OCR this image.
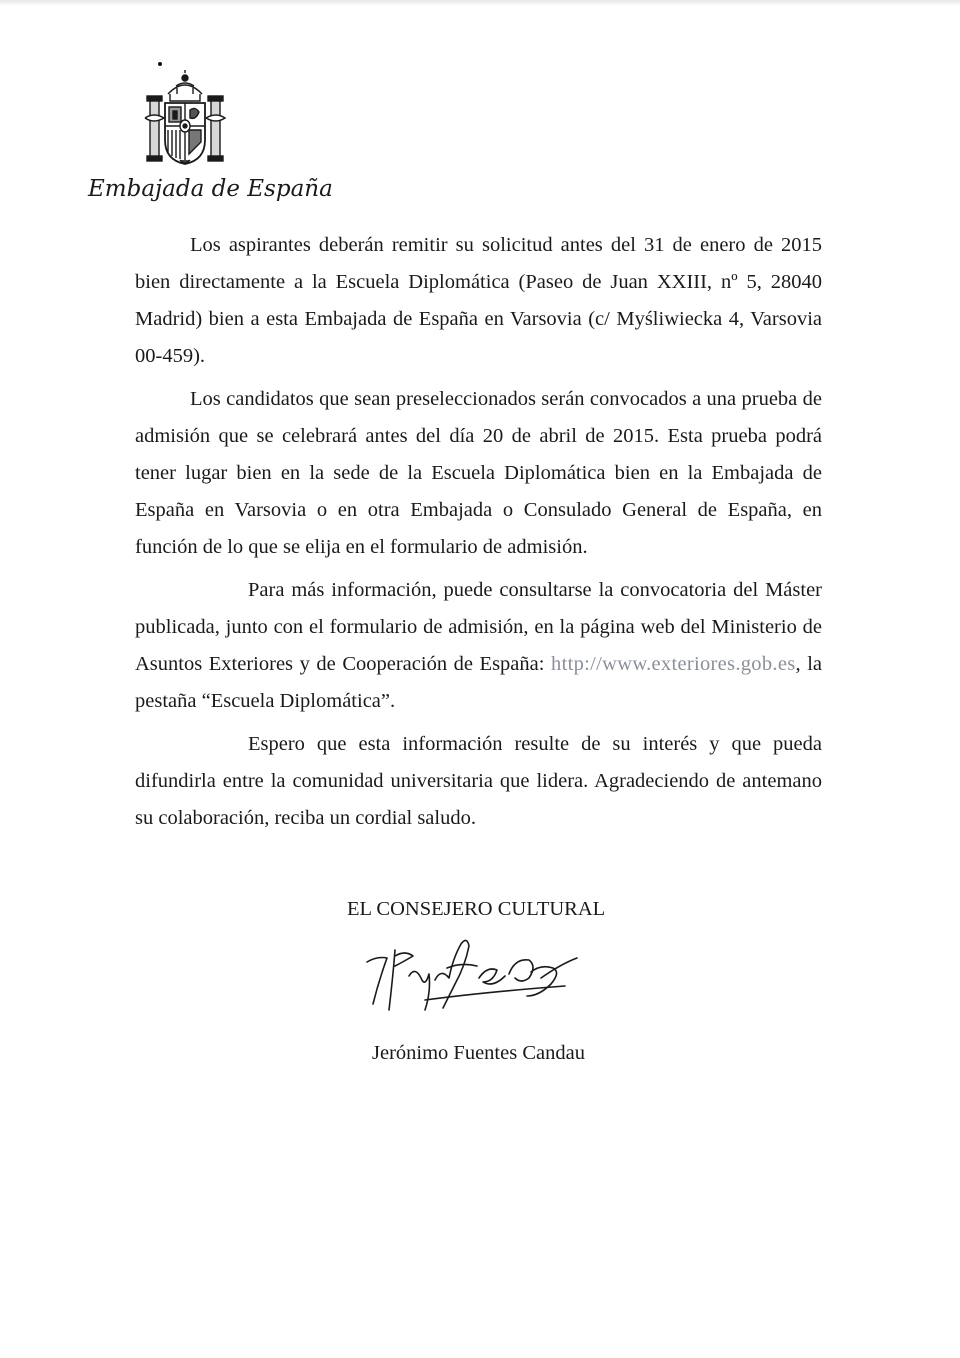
Embajada de España

Los aspirantes deberán remitir su solicitud antes del 31 de enero de 2015 bien directamente a la Escuela Diplomática (Paseo de Juan XXIII, nº 5, 28040 Madrid) bien a esta Embajada de España en Varsovia (c/ Myśliwiecka 4, Varsovia 00-459).

Los candidatos que sean preseleccionados serán convocados a una prueba de admisión que se celebrará antes del día 20 de abril de 2015. Esta prueba podrá tener lugar bien en la sede de la Escuela Diplomática bien en la Embajada de España en Varsovia o en otra Embajada o Consulado General de España, en función de lo que se elija en el formulario de admisión.

Para más información, puede consultarse la convocatoria del Máster publicada, junto con el formulario de admisión, en la página web del Ministerio de Asuntos Exteriores y de Cooperación de España: http://www.exteriores.gob.es, la pestaña “Escuela Diplomática”.

Espero que esta información resulte de su interés y que pueda difundirla entre la comunidad universitaria que lidera. Agradeciendo de antemano su colaboración, reciba un cordial saludo.

EL CONSEJERO CULTURAL

Jerónimo Fuentes Candau
